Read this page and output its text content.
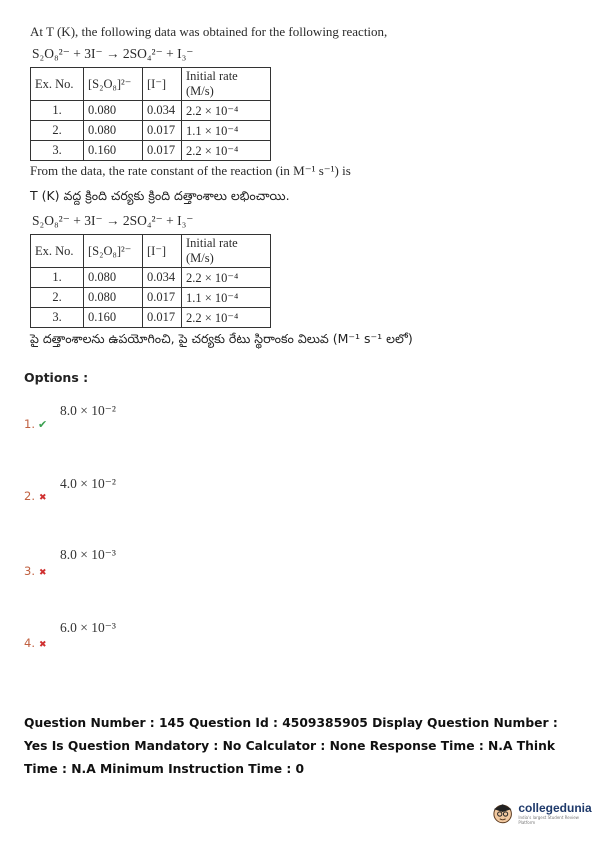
At T (K), the following data was obtained for the following reaction,
S₂O₈²⁻ + 3I⁻ → 2SO₄²⁻ + I₃⁻
Ex. No.	[S₂O₈]²⁻	[I⁻]	Initial rate (M/s)
1.	0.080	0.034	2.2 × 10⁻⁴
2.	0.080	0.017	1.1 × 10⁻⁴
3.	0.160	0.017	2.2 × 10⁻⁴
From the data, the rate constant of the reaction (in M⁻¹ s⁻¹) is
T (K) వద్ద క్రింది చర్యకు క్రింది దత్తాంశాలు లభించాయి.
S₂O₈²⁻ + 3I⁻ → 2SO₄²⁻ + I₃⁻
Ex. No.	[S₂O₈]²⁻	[I⁻]	Initial rate (M/s)
1.	0.080	0.034	2.2 × 10⁻⁴
2.	0.080	0.017	1.1 × 10⁻⁴
3.	0.160	0.017	2.2 × 10⁻⁴
పై దత్తాంశాలను ఉపయోగించి, పై చర్యకు రేటు స్థిరాంకం విలువ (M⁻¹ s⁻¹ లలో)
Options :
8.0 × 10⁻²
1. ✔
4.0 × 10⁻²
2. ✖
8.0 × 10⁻³
3. ✖
6.0 × 10⁻³
4. ✖
Question Number : 145 Question Id : 4509385905 Display Question Number : Yes Is Question Mandatory : No Calculator : None Response Time : N.A Think Time : N.A Minimum Instruction Time : 0
collegedunia
India's largest Student Review Platform
